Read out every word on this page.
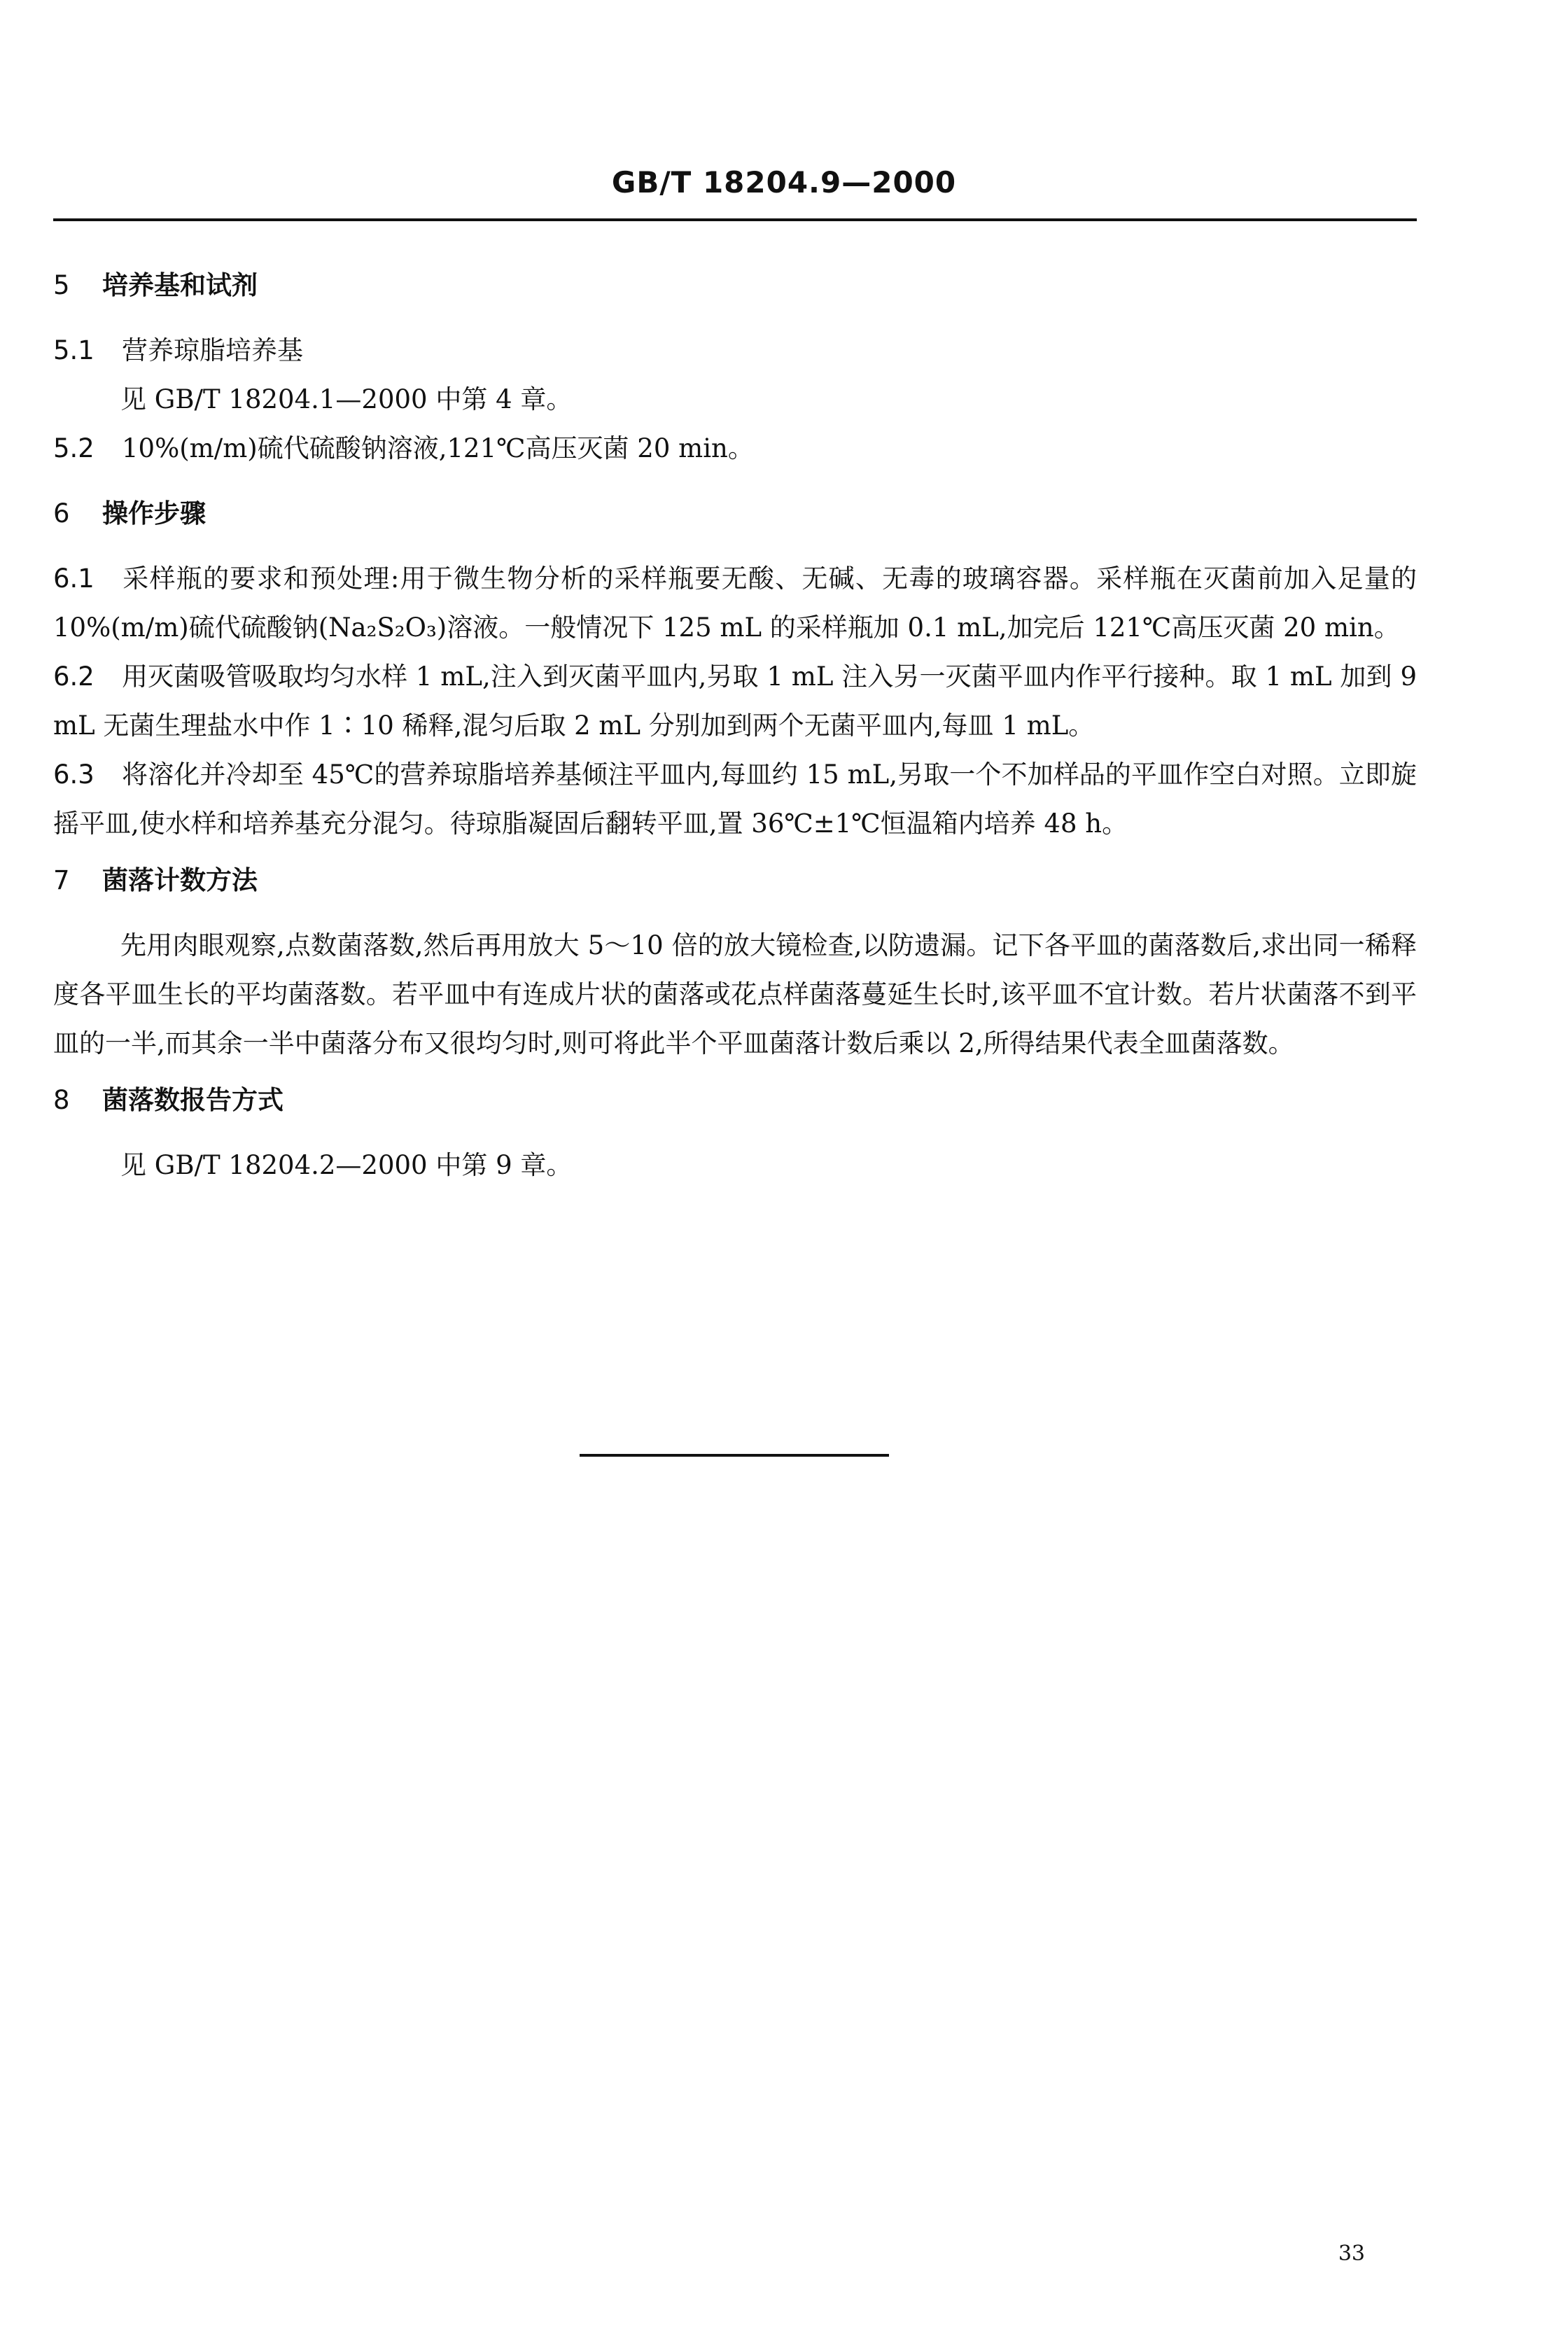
GB/T 18204.9—2000
5 培养基和试剂
5.1 营养琼脂培养基
见 GB/T 18204.1—2000 中第 4 章。
5.2 10%(m/m)硫代硫酸钠溶液,121℃高压灭菌 20 min。
6 操作步骤
6.1 采样瓶的要求和预处理:用于微生物分析的采样瓶要无酸、无碱、无毒的玻璃容器。采样瓶在灭菌前加入足量的 10%(m/m)硫代硫酸钠(Na₂S₂O₃)溶液。一般情况下 125 mL 的采样瓶加 0.1 mL,加完后 121℃高压灭菌 20 min。
6.2 用灭菌吸管吸取均匀水样 1 mL,注入到灭菌平皿内,另取 1 mL 注入另一灭菌平皿内作平行接种。取 1 mL 加到 9 mL 无菌生理盐水中作 1∶10 稀释,混匀后取 2 mL 分别加到两个无菌平皿内,每皿 1 mL。
6.3 将溶化并冷却至 45℃的营养琼脂培养基倾注平皿内,每皿约 15 mL,另取一个不加样品的平皿作空白对照。立即旋摇平皿,使水样和培养基充分混匀。待琼脂凝固后翻转平皿,置 36℃±1℃恒温箱内培养 48 h。
7 菌落计数方法
先用肉眼观察,点数菌落数,然后再用放大 5～10 倍的放大镜检查,以防遗漏。记下各平皿的菌落数后,求出同一稀释度各平皿生长的平均菌落数。若平皿中有连成片状的菌落或花点样菌落蔓延生长时,该平皿不宜计数。若片状菌落不到平皿的一半,而其余一半中菌落分布又很均匀时,则可将此半个平皿菌落计数后乘以 2,所得结果代表全皿菌落数。
8 菌落数报告方式
见 GB/T 18204.2—2000 中第 9 章。
33
